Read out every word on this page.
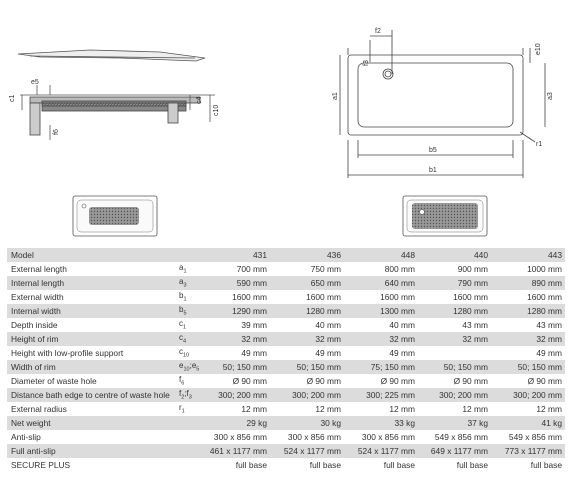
e5
c1	c4
c10
f6
f2
f3
e10
a1	a3
b5
b1
r1
Model		431	436	448	440	443
External length	$a_1$	700 mm	750 mm	800 mm	900 mm	1000 mm
Internal length	$a_3$	590 mm	650 mm	640 mm	790 mm	890 mm
External width	$b_1$	1600 mm	1600 mm	1600 mm	1600 mm	1600 mm
Internal width	$b_5$	1290 mm	1280 mm	1300 mm	1280 mm	1280 mm
Depth inside	$c_1$	39 mm	40 mm	40 mm	43 mm	43 mm
Height of rim	$c_4$	32 mm	32 mm	32 mm	32 mm	32 mm
Height with low-profile support	$c_{10}$	49 mm	49 mm	49 mm		49 mm
Width of rim	$e_{10};e_5$	50; 150 mm	50; 150 mm	75; 150 mm	50; 150 mm	50; 150 mm
Diameter of waste hole	$f_6$	Ø 90 mm	Ø 90 mm	Ø 90 mm	Ø 90 mm	Ø 90 mm
Distance bath edge to centre of waste hole	$f_2;f_3$	300; 200 mm	300; 200 mm	300; 225 mm	300; 200 mm	300; 200 mm
External radius	$r_1$	12 mm	12 mm	12 mm	12 mm	12 mm
Net weight		29 kg	30 kg	33 kg	37 kg	41 kg
Anti-slip		300 x 856 mm	300 x 856 mm	300 x 856 mm	549 x 856 mm	549 x 856 mm
Full anti-slip		461 x 1177 mm	524 x 1177 mm	524 x 1177 mm	649 x 1177 mm	773 x 1177 mm
SECURE PLUS		full base	full base	full base	full base	full base
